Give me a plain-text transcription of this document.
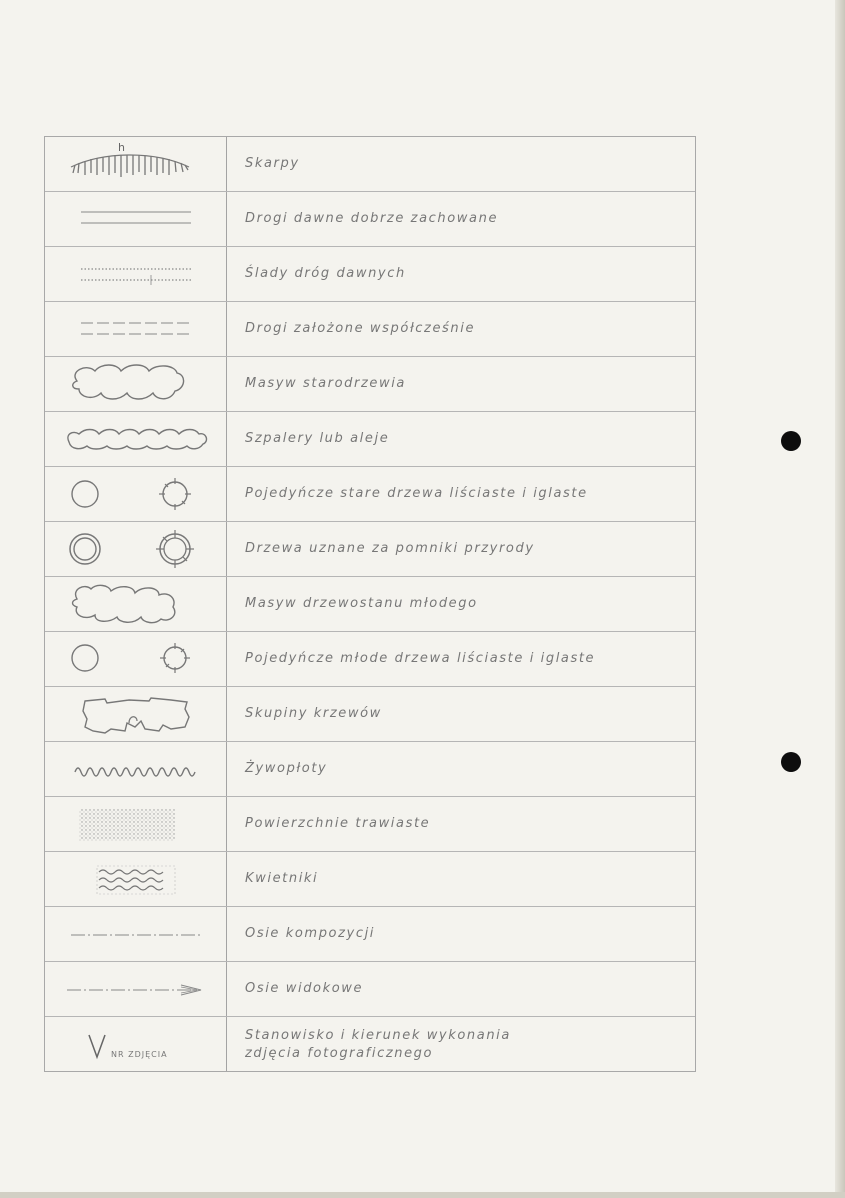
h
Skarpy
Drogi dawne dobrze zachowane
Ślady dróg dawnych
Drogi założone współcześnie
Masyw starodrzewia
Szpalery lub aleje
Pojedyńcze stare drzewa liściaste i iglaste
Drzewa uznane za pomniki przyrody
Masyw drzewostanu młodego
Pojedyńcze młode drzewa liściaste i iglaste
Skupiny krzewów
Żywopłoty
Powierzchnie trawiaste
Kwietniki
Osie kompozycji
Osie widokowe
NR ZDJĘCIA
Stanowisko i kierunek wykonania
zdjęcia fotograficznego
